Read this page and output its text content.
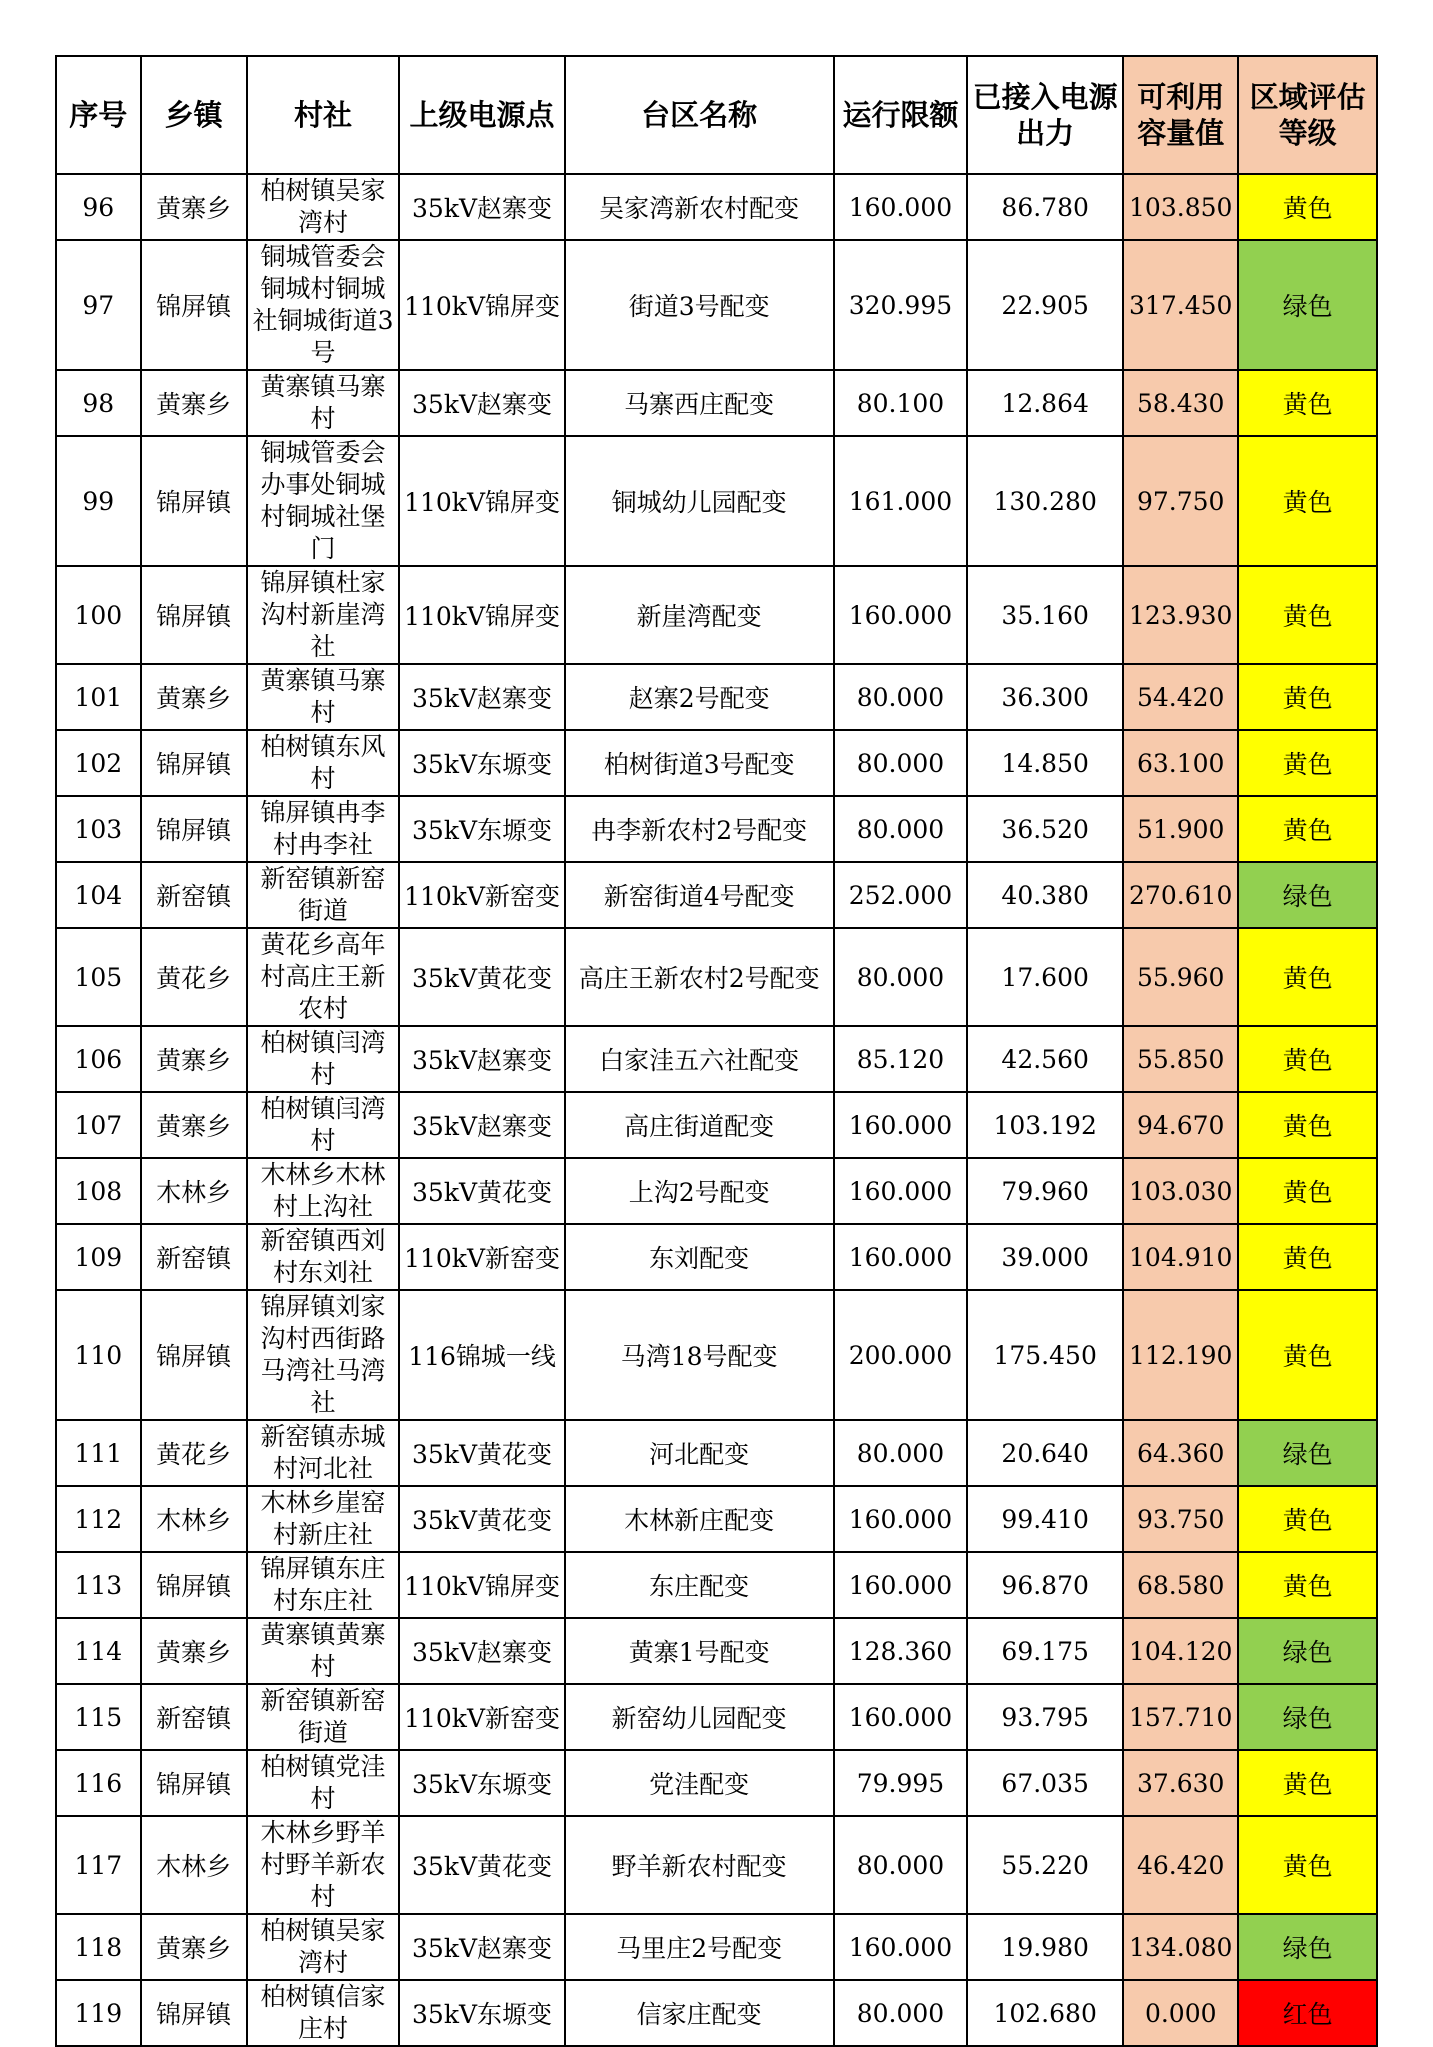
序号	乡镇	村社	上级电源点	台区名称	运行限额	已接入电源出力	可利用容量值	区域评估等级
96	黄寨乡	柏树镇吴家湾村	35kV赵寨变	吴家湾新农村配变	160.000	86.780	103.850	黄色
97	锦屏镇	铜城管委会铜城村铜城社铜城街道3号	110kV锦屏变	街道3号配变	320.995	22.905	317.450	绿色
98	黄寨乡	黄寨镇马寨村	35kV赵寨变	马寨西庄配变	80.100	12.864	58.430	黄色
99	锦屏镇	铜城管委会办事处铜城村铜城社堡门	110kV锦屏变	铜城幼儿园配变	161.000	130.280	97.750	黄色
100	锦屏镇	锦屏镇杜家沟村新崖湾社	110kV锦屏变	新崖湾配变	160.000	35.160	123.930	黄色
101	黄寨乡	黄寨镇马寨村	35kV赵寨变	赵寨2号配变	80.000	36.300	54.420	黄色
102	锦屏镇	柏树镇东风村	35kV东塬变	柏树街道3号配变	80.000	14.850	63.100	黄色
103	锦屏镇	锦屏镇冉李村冉李社	35kV东塬变	冉李新农村2号配变	80.000	36.520	51.900	黄色
104	新窑镇	新窑镇新窑街道	110kV新窑变	新窑街道4号配变	252.000	40.380	270.610	绿色
105	黄花乡	黄花乡高年村高庄王新农村	35kV黄花变	高庄王新农村2号配变	80.000	17.600	55.960	黄色
106	黄寨乡	柏树镇闫湾村	35kV赵寨变	白家洼五六社配变	85.120	42.560	55.850	黄色
107	黄寨乡	柏树镇闫湾村	35kV赵寨变	高庄街道配变	160.000	103.192	94.670	黄色
108	木林乡	木林乡木林村上沟社	35kV黄花变	上沟2号配变	160.000	79.960	103.030	黄色
109	新窑镇	新窑镇西刘村东刘社	110kV新窑变	东刘配变	160.000	39.000	104.910	黄色
110	锦屏镇	锦屏镇刘家沟村西街路马湾社马湾社	116锦城一线	马湾18号配变	200.000	175.450	112.190	黄色
111	黄花乡	新窑镇赤城村河北社	35kV黄花变	河北配变	80.000	20.640	64.360	绿色
112	木林乡	木林乡崖窑村新庄社	35kV黄花变	木林新庄配变	160.000	99.410	93.750	黄色
113	锦屏镇	锦屏镇东庄村东庄社	110kV锦屏变	东庄配变	160.000	96.870	68.580	黄色
114	黄寨乡	黄寨镇黄寨村	35kV赵寨变	黄寨1号配变	128.360	69.175	104.120	绿色
115	新窑镇	新窑镇新窑街道	110kV新窑变	新窑幼儿园配变	160.000	93.795	157.710	绿色
116	锦屏镇	柏树镇党洼村	35kV东塬变	党洼配变	79.995	67.035	37.630	黄色
117	木林乡	木林乡野羊村野羊新农村	35kV黄花变	野羊新农村配变	80.000	55.220	46.420	黄色
118	黄寨乡	柏树镇吴家湾村	35kV赵寨变	马里庄2号配变	160.000	19.980	134.080	绿色
119	锦屏镇	柏树镇信家庄村	35kV东塬变	信家庄配变	80.000	102.680	0.000	红色
